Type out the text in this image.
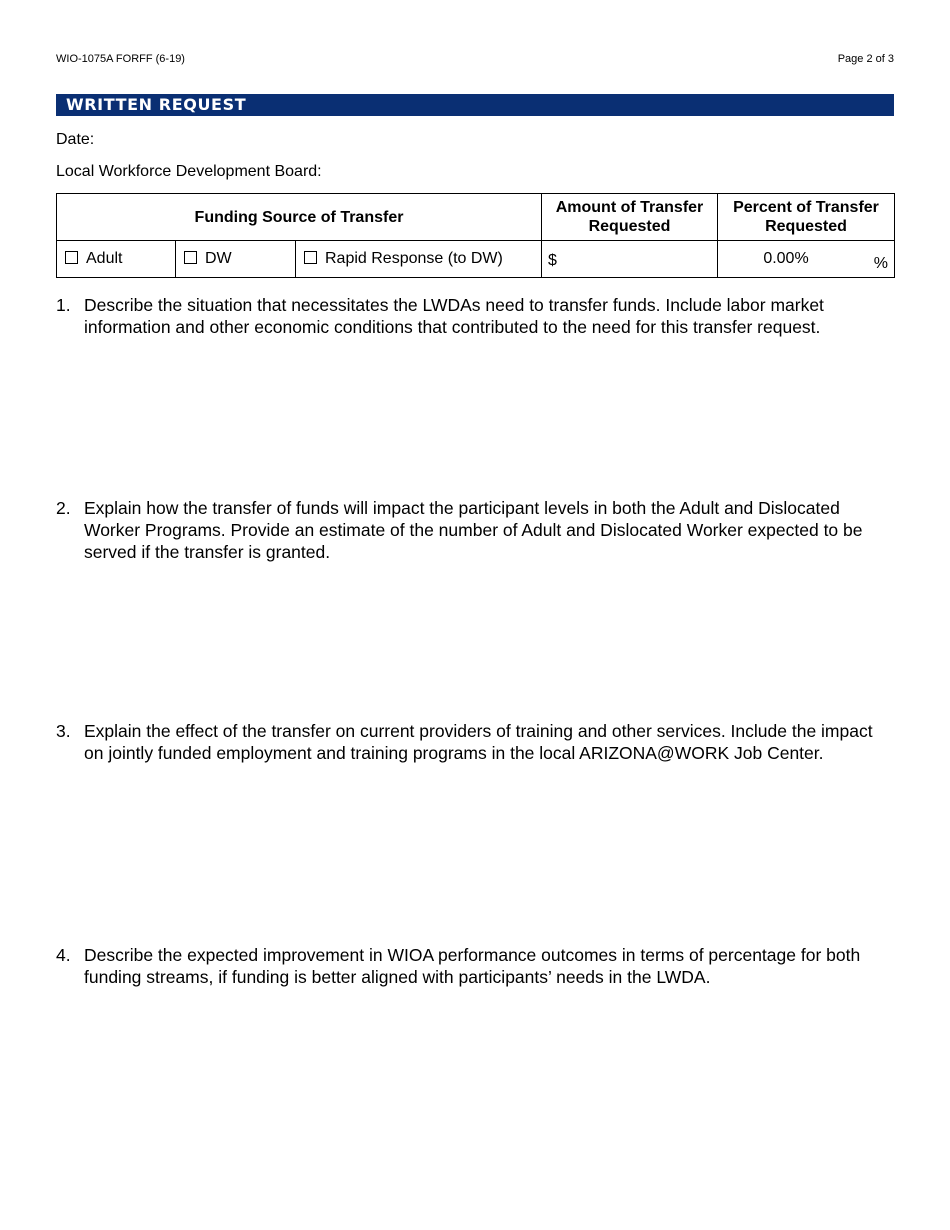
WIO-1075A FORFF (6-19)	Page 2 of 3
WRITTEN REQUEST
Date:
Local Workforce Development Board:
Funding Source of Transfer			Amount of Transfer Requested	Percent of Transfer Requested
Adult	DW	Rapid Response (to DW)	$	0.00% %
1. Describe the situation that necessitates the LWDAs need to transfer funds. Include labor market information and other economic conditions that contributed to the need for this transfer request.
2. Explain how the transfer of funds will impact the participant levels in both the Adult and Dislocated Worker Programs. Provide an estimate of the number of Adult and Dislocated Worker expected to be served if the transfer is granted.
3. Explain the effect of the transfer on current providers of training and other services. Include the impact on jointly funded employment and training programs in the local ARIZONA@WORK Job Center.
4. Describe the expected improvement in WIOA performance outcomes in terms of percentage for both funding streams, if funding is better aligned with participants’ needs in the LWDA.
